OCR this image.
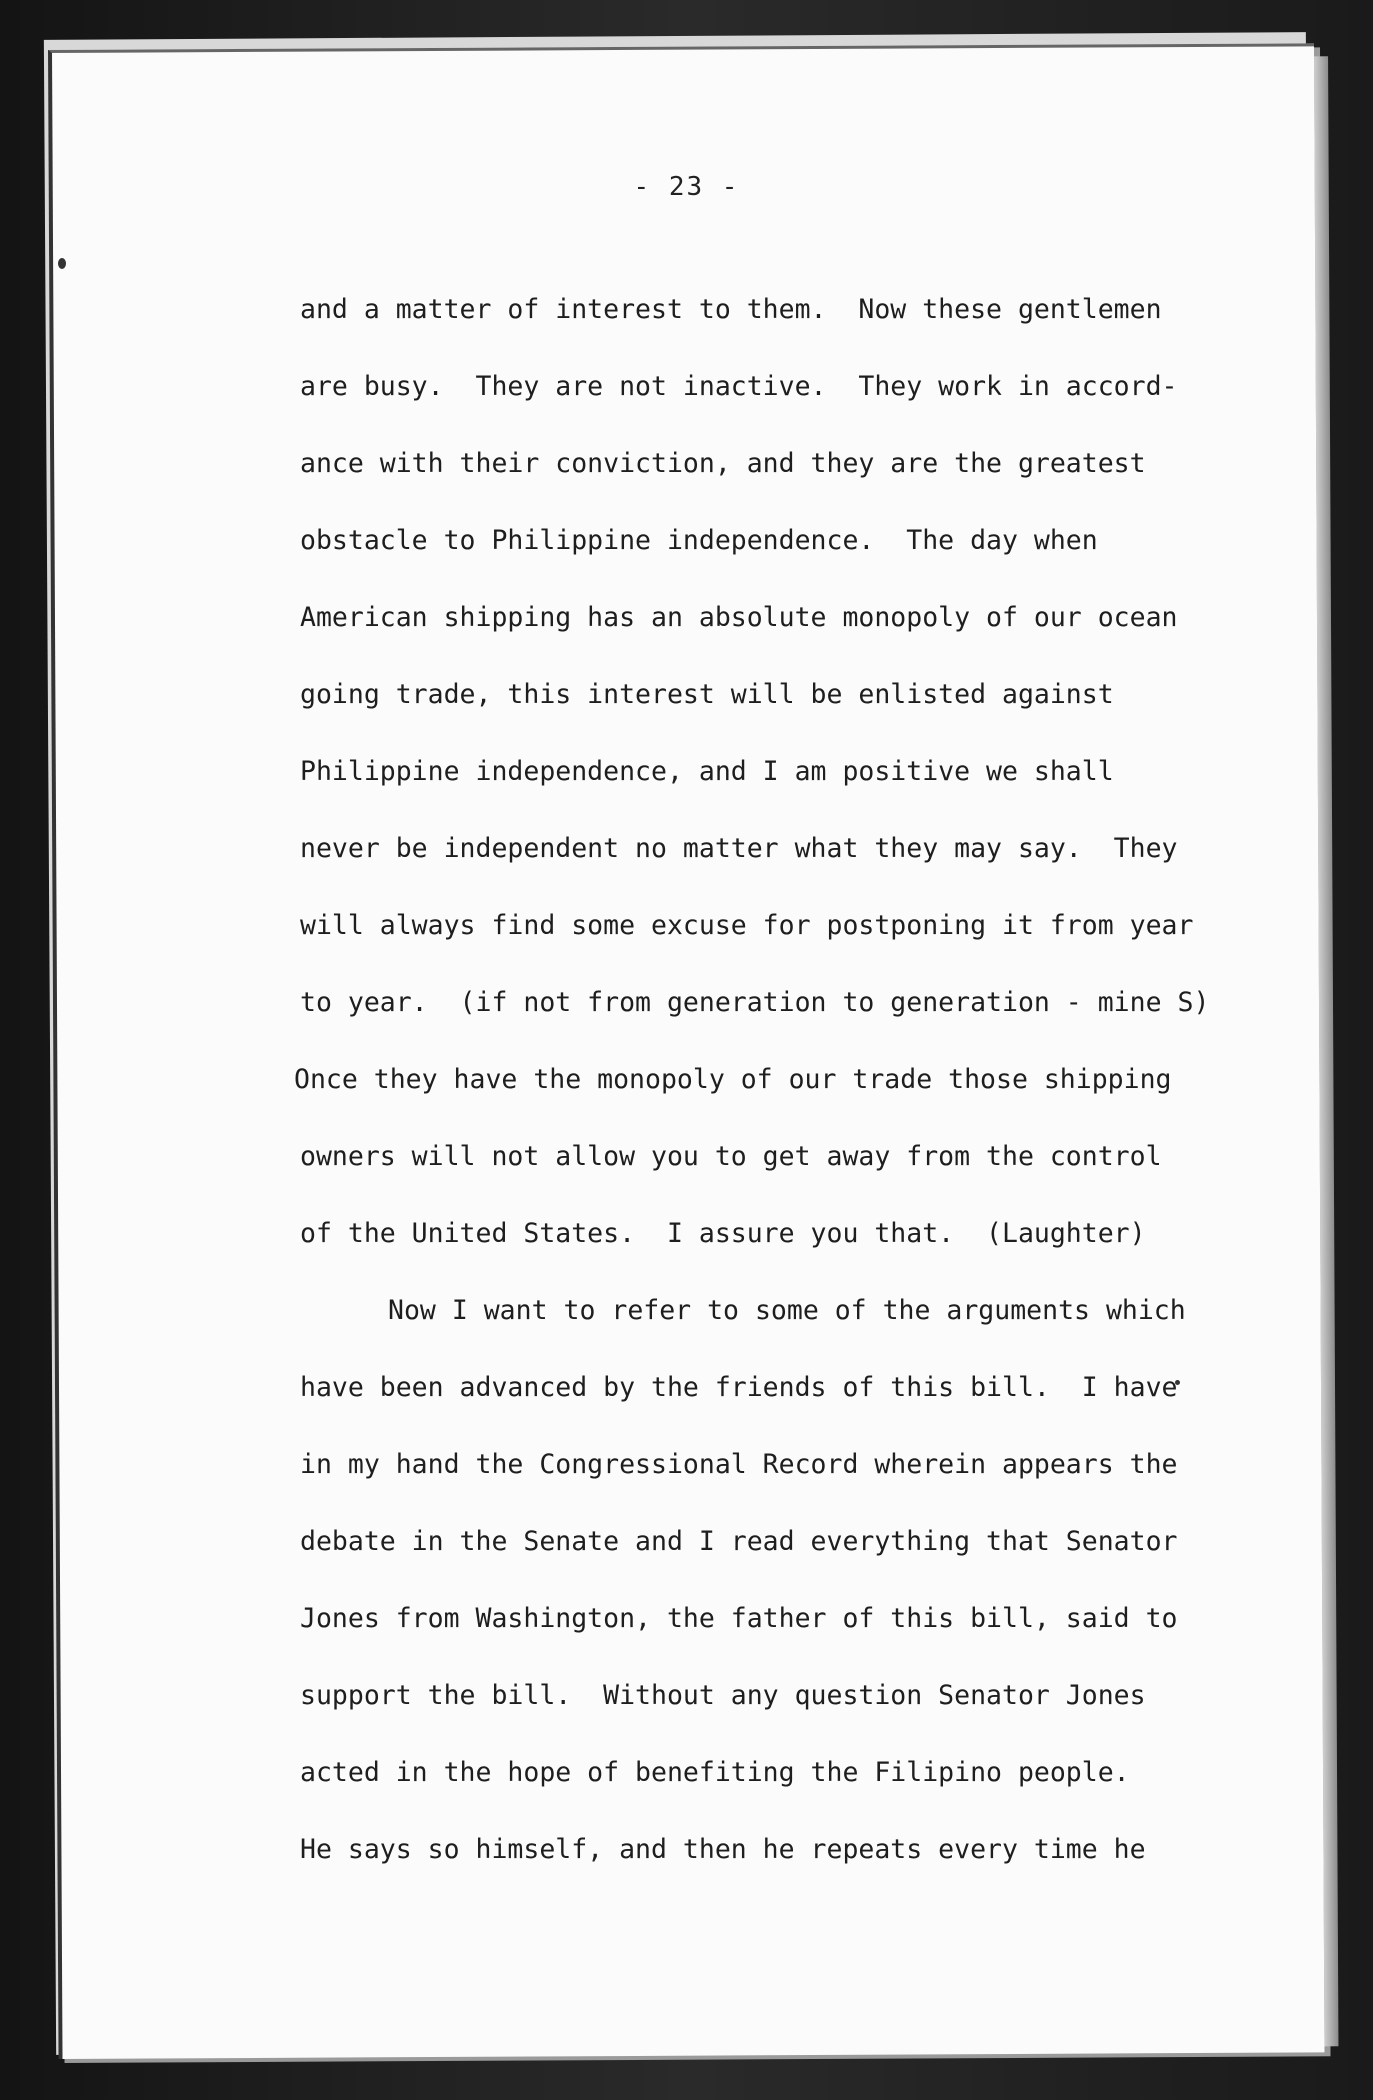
- 23 -
and a matter of interest to them.  Now these gentlemen
are busy.  They are not inactive.  They work in accord-
ance with their conviction, and they are the greatest
obstacle to Philippine independence.  The day when
American shipping has an absolute monopoly of our ocean
going trade, this interest will be enlisted against
Philippine independence, and I am positive we shall
never be independent no matter what they may say.  They
will always find some excuse for postponing it from year
to year.  (if not from generation to generation - mine S)
Once they have the monopoly of our trade those shipping
owners will not allow you to get away from the control
of the United States.  I assure you that.  (Laughter)
Now I want to refer to some of the arguments which
have been advanced by the friends of this bill.  I have
in my hand the Congressional Record wherein appears the
debate in the Senate and I read everything that Senator
Jones from Washington, the father of this bill, said to
support the bill.  Without any question Senator Jones
acted in the hope of benefiting the Filipino people.
He says so himself, and then he repeats every time he
